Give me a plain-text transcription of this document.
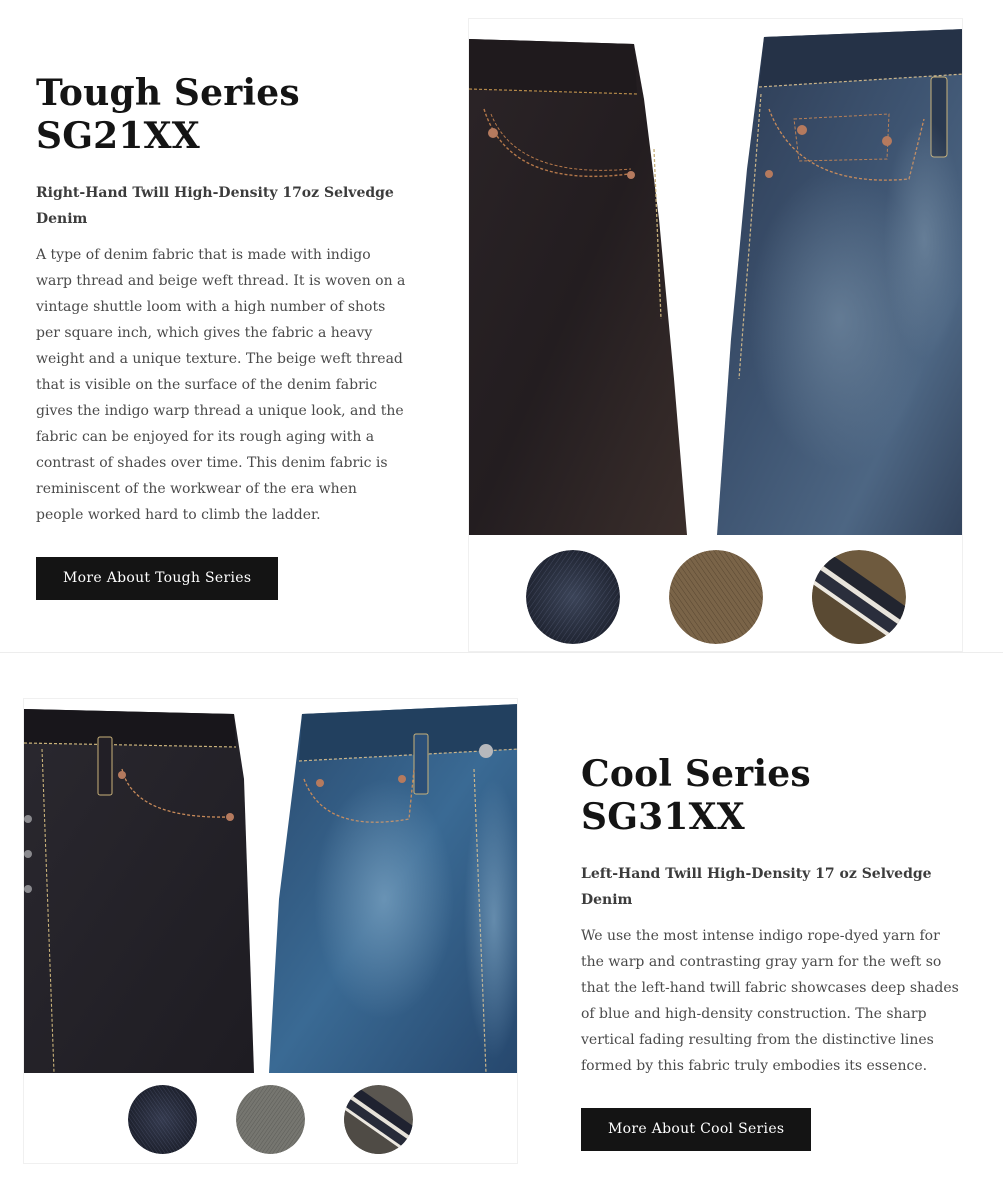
Tough Series SG21XX

Right-Hand Twill High-Density 17oz Selvedge Denim

A type of denim fabric that is made with indigo warp thread and beige weft thread. It is woven on a vintage shuttle loom with a high number of shots per square inch, which gives the fabric a heavy weight and a unique texture. The beige weft thread that is visible on the surface of the denim fabric gives the indigo warp thread a unique look, and the fabric can be enjoyed for its rough aging with a contrast of shades over time. This denim fabric is reminiscent of the workwear of the era when people worked hard to climb the ladder.

More About Tough Series
Cool Series SG31XX

Left-Hand Twill High-Density 17 oz Selvedge Denim

We use the most intense indigo rope-dyed yarn for the warp and contrasting gray yarn for the weft so that the left-hand twill fabric showcases deep shades of blue and high-density construction. The sharp vertical fading resulting from the distinctive lines formed by this fabric truly embodies its essence.

More About Cool Series
